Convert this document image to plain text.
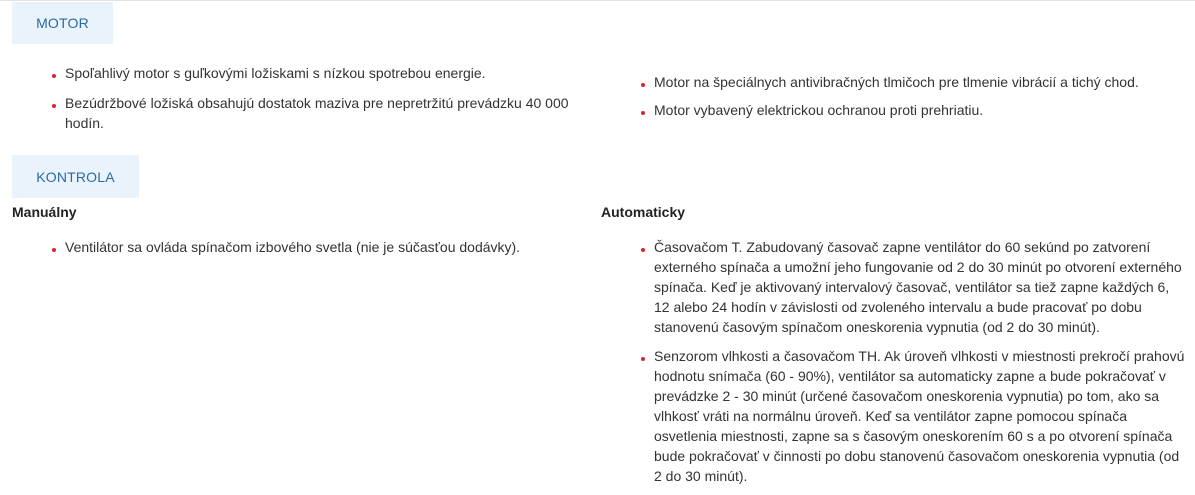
MOTOR
Spoľahlivý motor s guľkovými ložiskami s nízkou spotrebou energie.
Bezúdržbové ložiská obsahujú dostatok maziva pre nepretržitú prevádzku 40 000 hodín.
Motor na špeciálnych antivibračných tlmičoch pre tlmenie vibrácií a tichý chod.
Motor vybavený elektrickou ochranou proti prehriatiu.
KONTROLA
Manuálny	Automaticky
Ventilátor sa ovláda spínačom izbového svetla (nie je súčasťou dodávky).	Časovačom T. Zabudovaný časovač zapne ventilátor do 60 sekúnd po zatvorení externého spínača a umožní jeho fungovanie od 2 do 30 minút po otvorení externého spínača. Keď je aktivovaný intervalový časovač, ventilátor sa tiež zapne každých 6, 12 alebo 24 hodín v závislosti od zvoleného intervalu a bude pracovať po dobu stanovenú časovým spínačom oneskorenia vypnutia (od 2 do 30 minút).
Senzorom vlhkosti a časovačom TH. Ak úroveň vlhkosti v miestnosti prekročí prahovú hodnotu snímača (60 - 90%), ventilátor sa automaticky zapne a bude pokračovať v prevádzke 2 - 30 minút (určené časovačom oneskorenia vypnutia) po tom, ako sa vlhkosť vráti na normálnu úroveň. Keď sa ventilátor zapne pomocou spínača osvetlenia miestnosti, zapne sa s časovým oneskorením 60 s a po otvorení spínača bude pokračovať v činnosti po dobu stanovenú časovačom oneskorenia vypnutia (od 2 do 30 minút).
